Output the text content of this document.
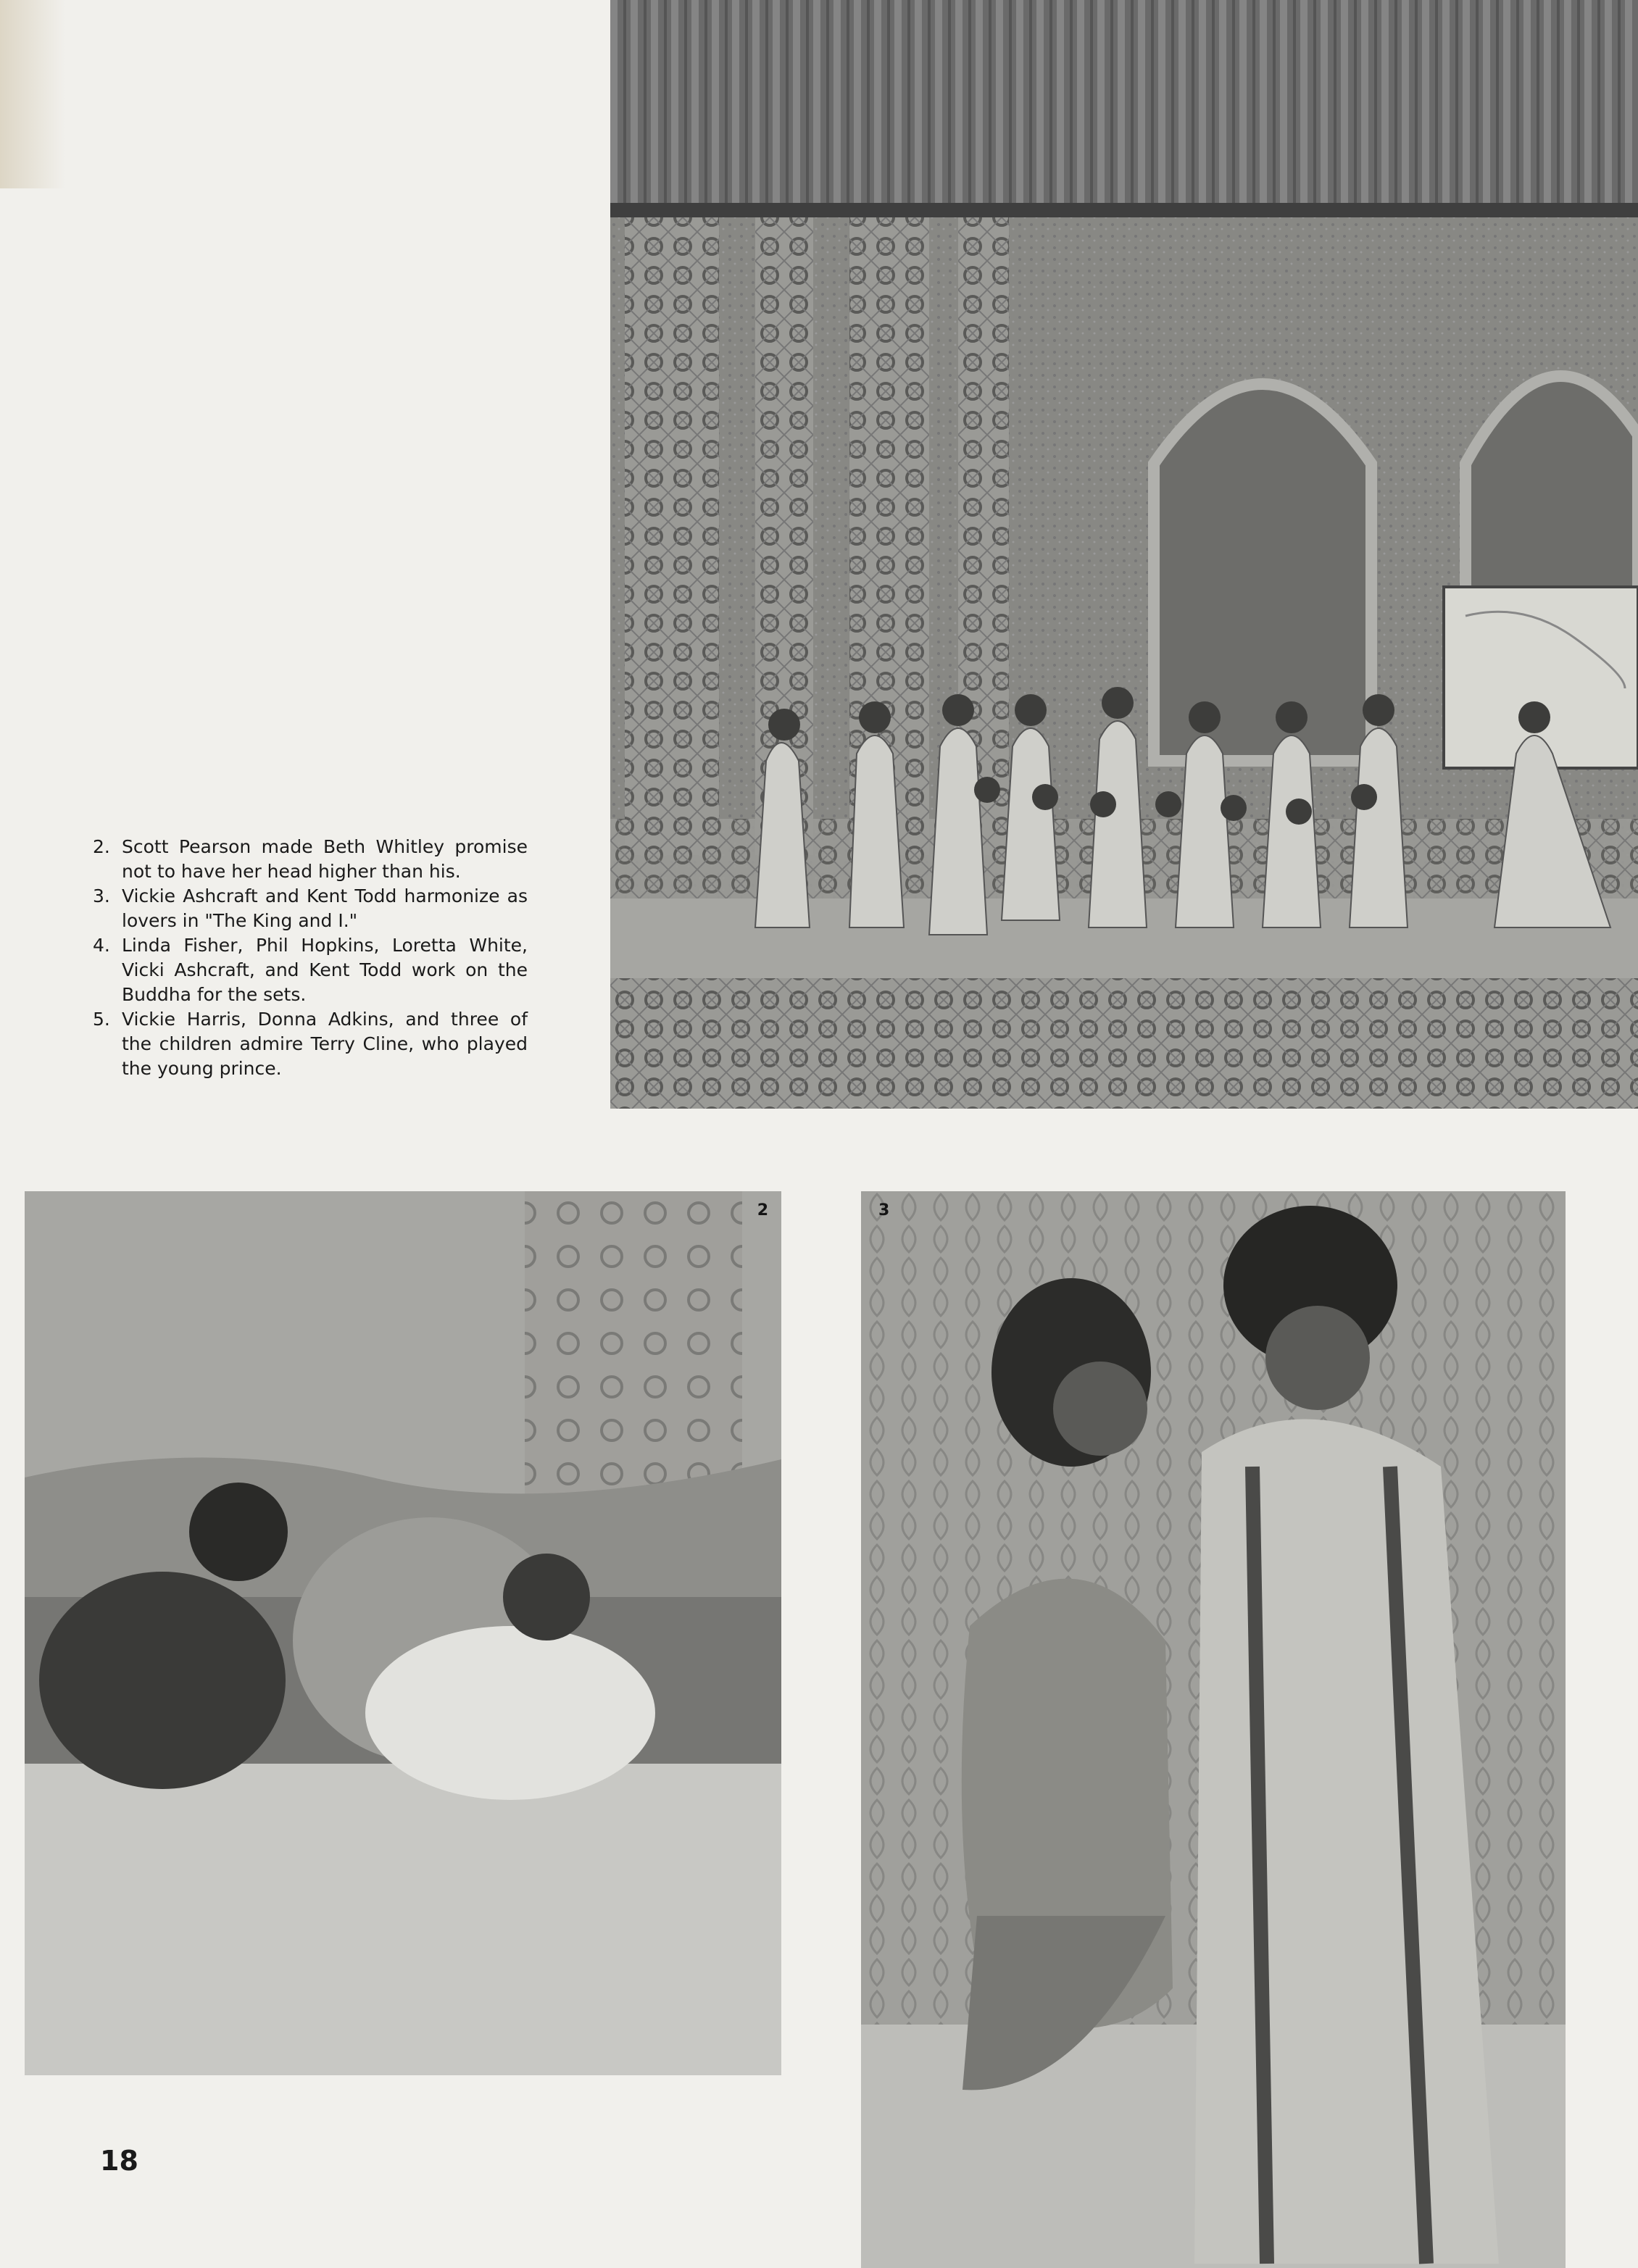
2. Scott Pearson made Beth Whitley promise not to have her head higher than his.
3. Vickie Ashcraft and Kent Todd harmonize as lovers in "The King and I."
4. Linda Fisher, Phil Hopkins, Loretta White, Vicki Ashcraft, and Kent Todd work on the Buddha for the sets.
5. Vickie Harris, Donna Adkins, and three of the children admire Terry Cline, who played the young prince.
2	3
18
